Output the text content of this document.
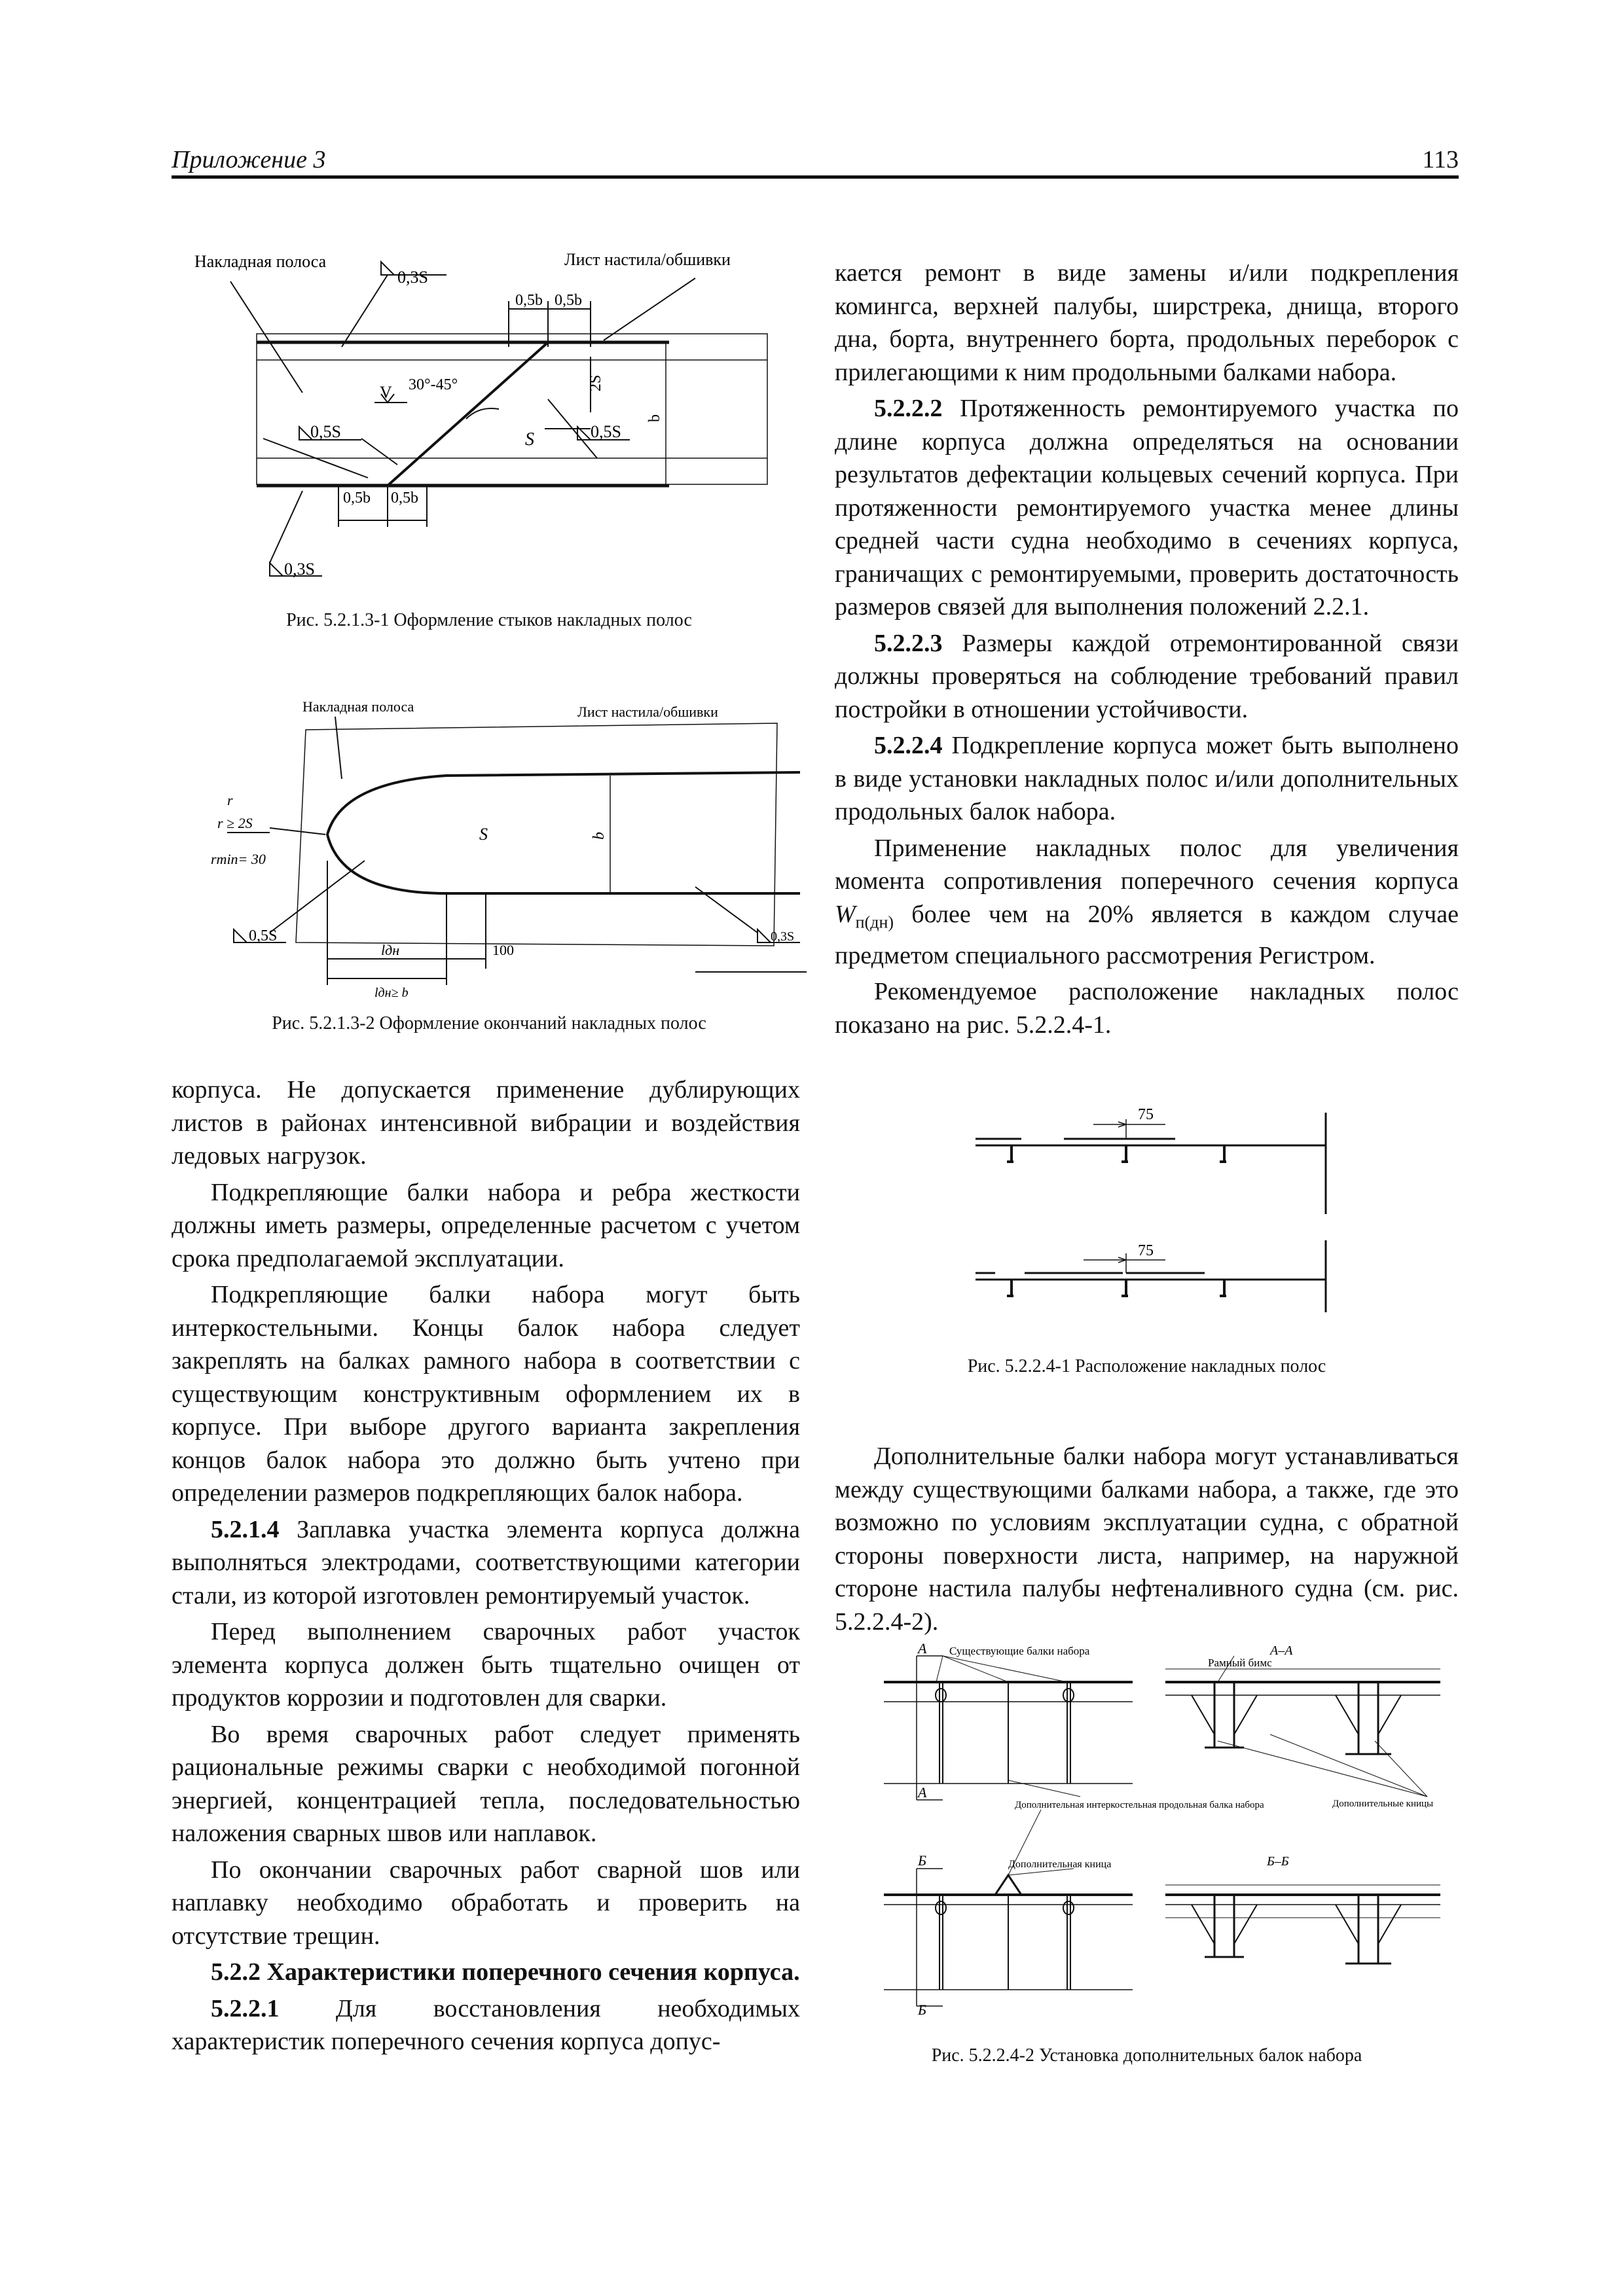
Приложение 3	113
Накладная полоса	Лист настила/обшивки
0,3S
0,5b 0,5b
30°-45°
V
0,5S	0,5S
2S
b
S
0,5b 0,5b
0,3S
Рис. 5.2.1.3-1 Оформление стыков накладных полос
Накладная полоса	Лист настила/обшивки
r
r ≥ 2S
rmin= 30
S	b
0,5S	0,3S
lдн	100
lдн≥ b
Рис. 5.2.1.3-2 Оформление окончаний накладных полос

корпуса. Не допускается применение дублирующих листов в районах интенсивной вибрации и воздействия ледовых нагрузок.

Подкрепляющие балки набора и ребра жесткости должны иметь размеры, определенные расчетом с учетом срока предполагаемой эксплуатации.

Подкрепляющие балки набора могут быть интеркостельными. Концы балок набора следует закреплять на балках рамного набора в соответствии с существующим конструктивным оформлением их в корпусе. При выборе другого варианта закрепления концов балок набора это должно быть учтено при определении размеров подкрепляющих балок набора.

5.2.1.4 Заплавка участка элемента корпуса должна выполняться электродами, соответствующими категории стали, из которой изготовлен ремонтируемый участок.

Перед выполнением сварочных работ участок элемента корпуса должен быть тщательно очищен от продуктов коррозии и подготовлен для сварки.

Во время сварочных работ следует применять рациональные режимы сварки с необходимой погонной энергией, концентрацией тепла, последовательностью наложения сварных швов или наплавок.

По окончании сварочных работ сварной шов или наплавку необходимо обработать и проверить на отсутствие трещин.

5.2.2 Характеристики поперечного сечения корпуса.

5.2.2.1 Для восстановления необходимых характеристик поперечного сечения корпуса допус-

кается ремонт в виде замены и/или подкрепления комингса, верхней палубы, ширстрека, днища, второго дна, борта, внутреннего борта, продольных переборок с прилегающими к ним продольными балками набора.

5.2.2.2 Протяженность ремонтируемого участка по длине корпуса должна определяться на основании результатов дефектации кольцевых сечений корпуса. При протяженности ремонтируемого участка менее длины средней части судна необходимо в сечениях корпуса, граничащих с ремонтируемыми, проверить достаточность размеров связей для выполнения положений 2.2.1.

5.2.2.3 Размеры каждой отремонтированной связи должны проверяться на соблюдение требований правил постройки в отношении устойчивости.

5.2.2.4 Подкрепление корпуса может быть выполнено в виде установки накладных полос и/или дополнительных продольных балок набора.

Применение накладных полос для увеличения момента сопротивления поперечного сечения корпуса $W_{п(дн)}$ более чем на 20% является в каждом случае предметом специального рассмотрения Регистром.

Рекомендуемое расположение накладных полос показано на рис. 5.2.2.4-1.

75
75
Рис. 5.2.2.4-1 Расположение накладных полос

Дополнительные балки набора могут устанавливаться между существующими балками набора, а также, где это возможно по условиям эксплуатации судна, с обратной стороны поверхности листа, например, на наружной стороне настила палубы нефтеналивного судна (см. рис. 5.2.2.4-2).

А Существующие балки набора	А–А
Рамный бимс
А
Дополнительная интеркостельная продольная балка набора	Дополнительные кницы
Б	Дополнительная кница	Б–Б
Б
Рис. 5.2.2.4-2 Установка дополнительных балок набора
